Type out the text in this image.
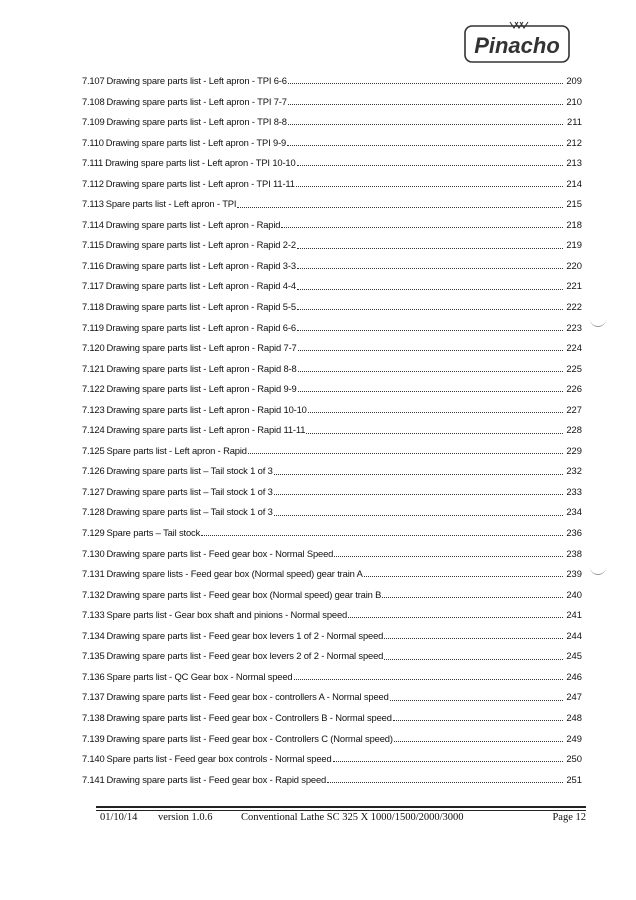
Pinacho
7.107 Drawing spare parts list - Left apron - TPI 6-6	209
7.108 Drawing spare parts list - Left apron - TPI 7-7	210
7.109 Drawing spare parts list - Left apron - TPI 8-8	211
7.110 Drawing spare parts list - Left apron - TPI 9-9	212
7.111 Drawing spare parts list - Left apron - TPI 10-10	213
7.112 Drawing spare parts list - Left apron - TPI 11-11	214
7.113 Spare parts list - Left apron - TPI	215
7.114 Drawing spare parts list - Left apron - Rapid	218
7.115 Drawing spare parts list - Left apron - Rapid 2-2	219
7.116 Drawing spare parts list - Left apron - Rapid 3-3	220
7.117 Drawing spare parts list - Left apron - Rapid 4-4	221
7.118 Drawing spare parts list - Left apron - Rapid 5-5	222
7.119 Drawing spare parts list - Left apron - Rapid 6-6	223
7.120 Drawing spare parts list - Left apron - Rapid 7-7	224
7.121 Drawing spare parts list - Left apron - Rapid 8-8	225
7.122 Drawing spare parts list - Left apron - Rapid 9-9	226
7.123 Drawing spare parts list - Left apron - Rapid 10-10	227
7.124 Drawing spare parts list - Left apron - Rapid 11-11	228
7.125 Spare parts list - Left apron - Rapid	229
7.126 Drawing spare parts list – Tail stock 1 of 3	232
7.127 Drawing spare parts list – Tail stock 1 of 3	233
7.128 Drawing spare parts list – Tail stock 1 of 3	234
7.129 Spare parts – Tail stock	236
7.130 Drawing spare parts list - Feed gear box - Normal Speed	238
7.131 Drawing spare lists - Feed gear box (Normal speed) gear train A	239
7.132 Drawing spare parts list - Feed gear box (Normal speed) gear train B	240
7.133 Spare parts list - Gear box shaft and pinions - Normal speed	241
7.134 Drawing spare parts list - Feed gear box levers 1 of 2 - Normal speed	244
7.135 Drawing spare parts list - Feed gear box levers 2 of 2 - Normal speed	245
7.136 Spare parts list - QC Gear box - Normal speed	246
7.137 Drawing spare parts list - Feed gear box - controllers A - Normal speed	247
7.138 Drawing spare parts list - Feed gear box - Controllers B - Normal speed	248
7.139 Drawing spare parts list - Feed gear box - Controllers C (Normal speed)	249
7.140 Spare parts list - Feed gear box controls - Normal speed	250
7.141 Drawing spare parts list - Feed gear box - Rapid speed	251
01/10/14 version 1.0.6	Conventional Lathe SC 325 X 1000/1500/2000/3000	Page 12
